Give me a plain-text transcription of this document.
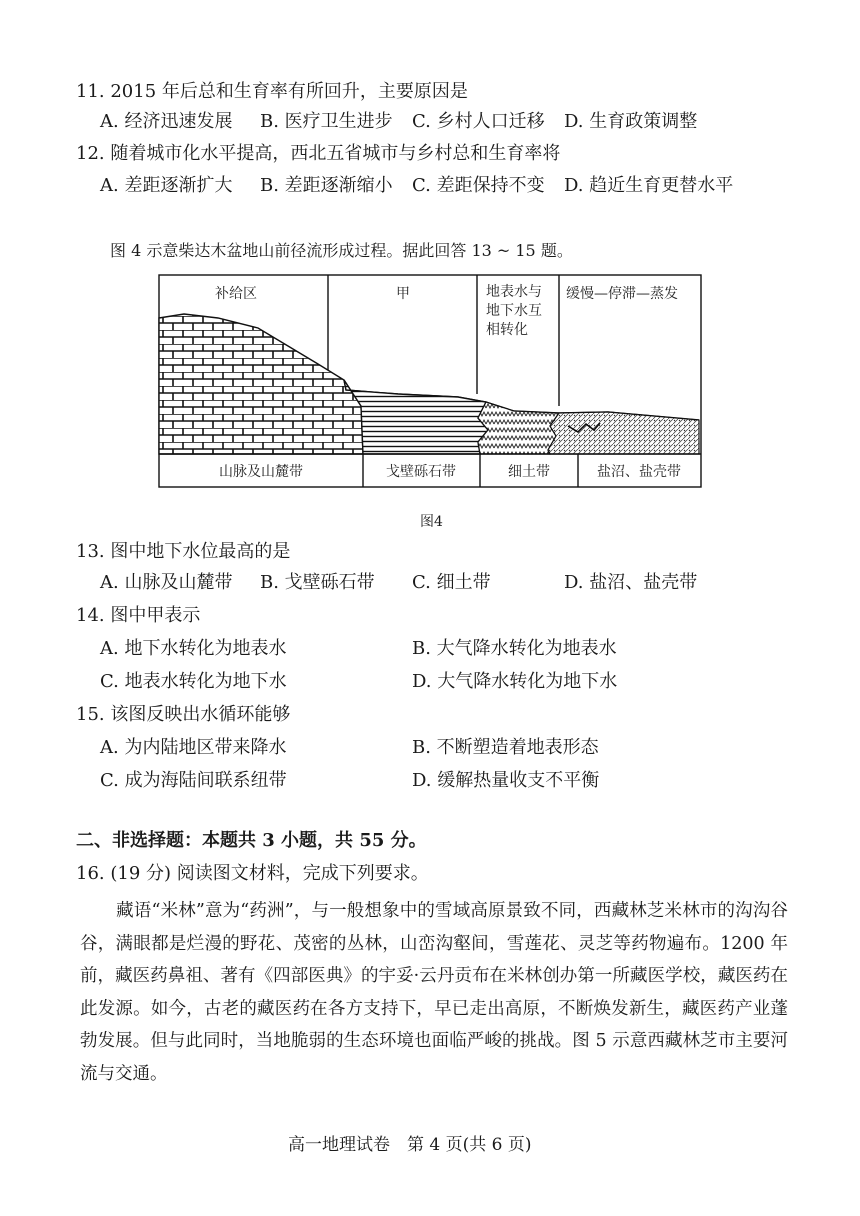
11. 2015 年后总和生育率有所回升，主要原因是
A. 经济迅速发展 B. 医疗卫生进步 C. 乡村人口迁移 D. 生育政策调整
12. 随着城市化水平提高，西北五省城市与乡村总和生育率将
A. 差距逐渐扩大 B. 差距逐渐缩小 C. 差距保持不变 D. 趋近生育更替水平
图 4 示意柴达木盆地山前径流形成过程。据此回答 13 ~ 15 题。
补给区	甲	地表水与
地下水互
相转化
缓慢—停滞—蒸发
山脉及山麓带	戈壁砾石带	细土带	盐沼、盐壳带
图4
13. 图中地下水位最高的是
A. 山脉及山麓带 B. 戈壁砾石带 C. 细土带	D. 盐沼、盐壳带
14. 图中甲表示
A. 地下水转化为地表水	B. 大气降水转化为地表水
C. 地表水转化为地下水	D. 大气降水转化为地下水
15. 该图反映出水循环能够
A. 为内陆地区带来降水	B. 不断塑造着地表形态
C. 成为海陆间联系纽带	D. 缓解热量收支不平衡
二、非选择题：本题共 3 小题，共 55 分。
16. (19 分) 阅读图文材料，完成下列要求。
藏语“米林”意为“药洲”，与一般想象中的雪域高原景致不同，西藏林芝米林市的沟沟谷谷，满眼都是烂漫的野花、茂密的丛林，山峦沟壑间，雪莲花、灵芝等药物遍布。1200 年前，藏医药鼻祖、著有《四部医典》的宇妥·云丹贡布在米林创办第一所藏医学校，藏医药在此发源。如今，古老的藏医药在各方支持下，早已走出高原，不断焕发新生，藏医药产业蓬勃发展。但与此同时，当地脆弱的生态环境也面临严峻的挑战。图 5 示意西藏林芝市主要河流与交通。
高一地理试卷　第 4 页(共 6 页)
